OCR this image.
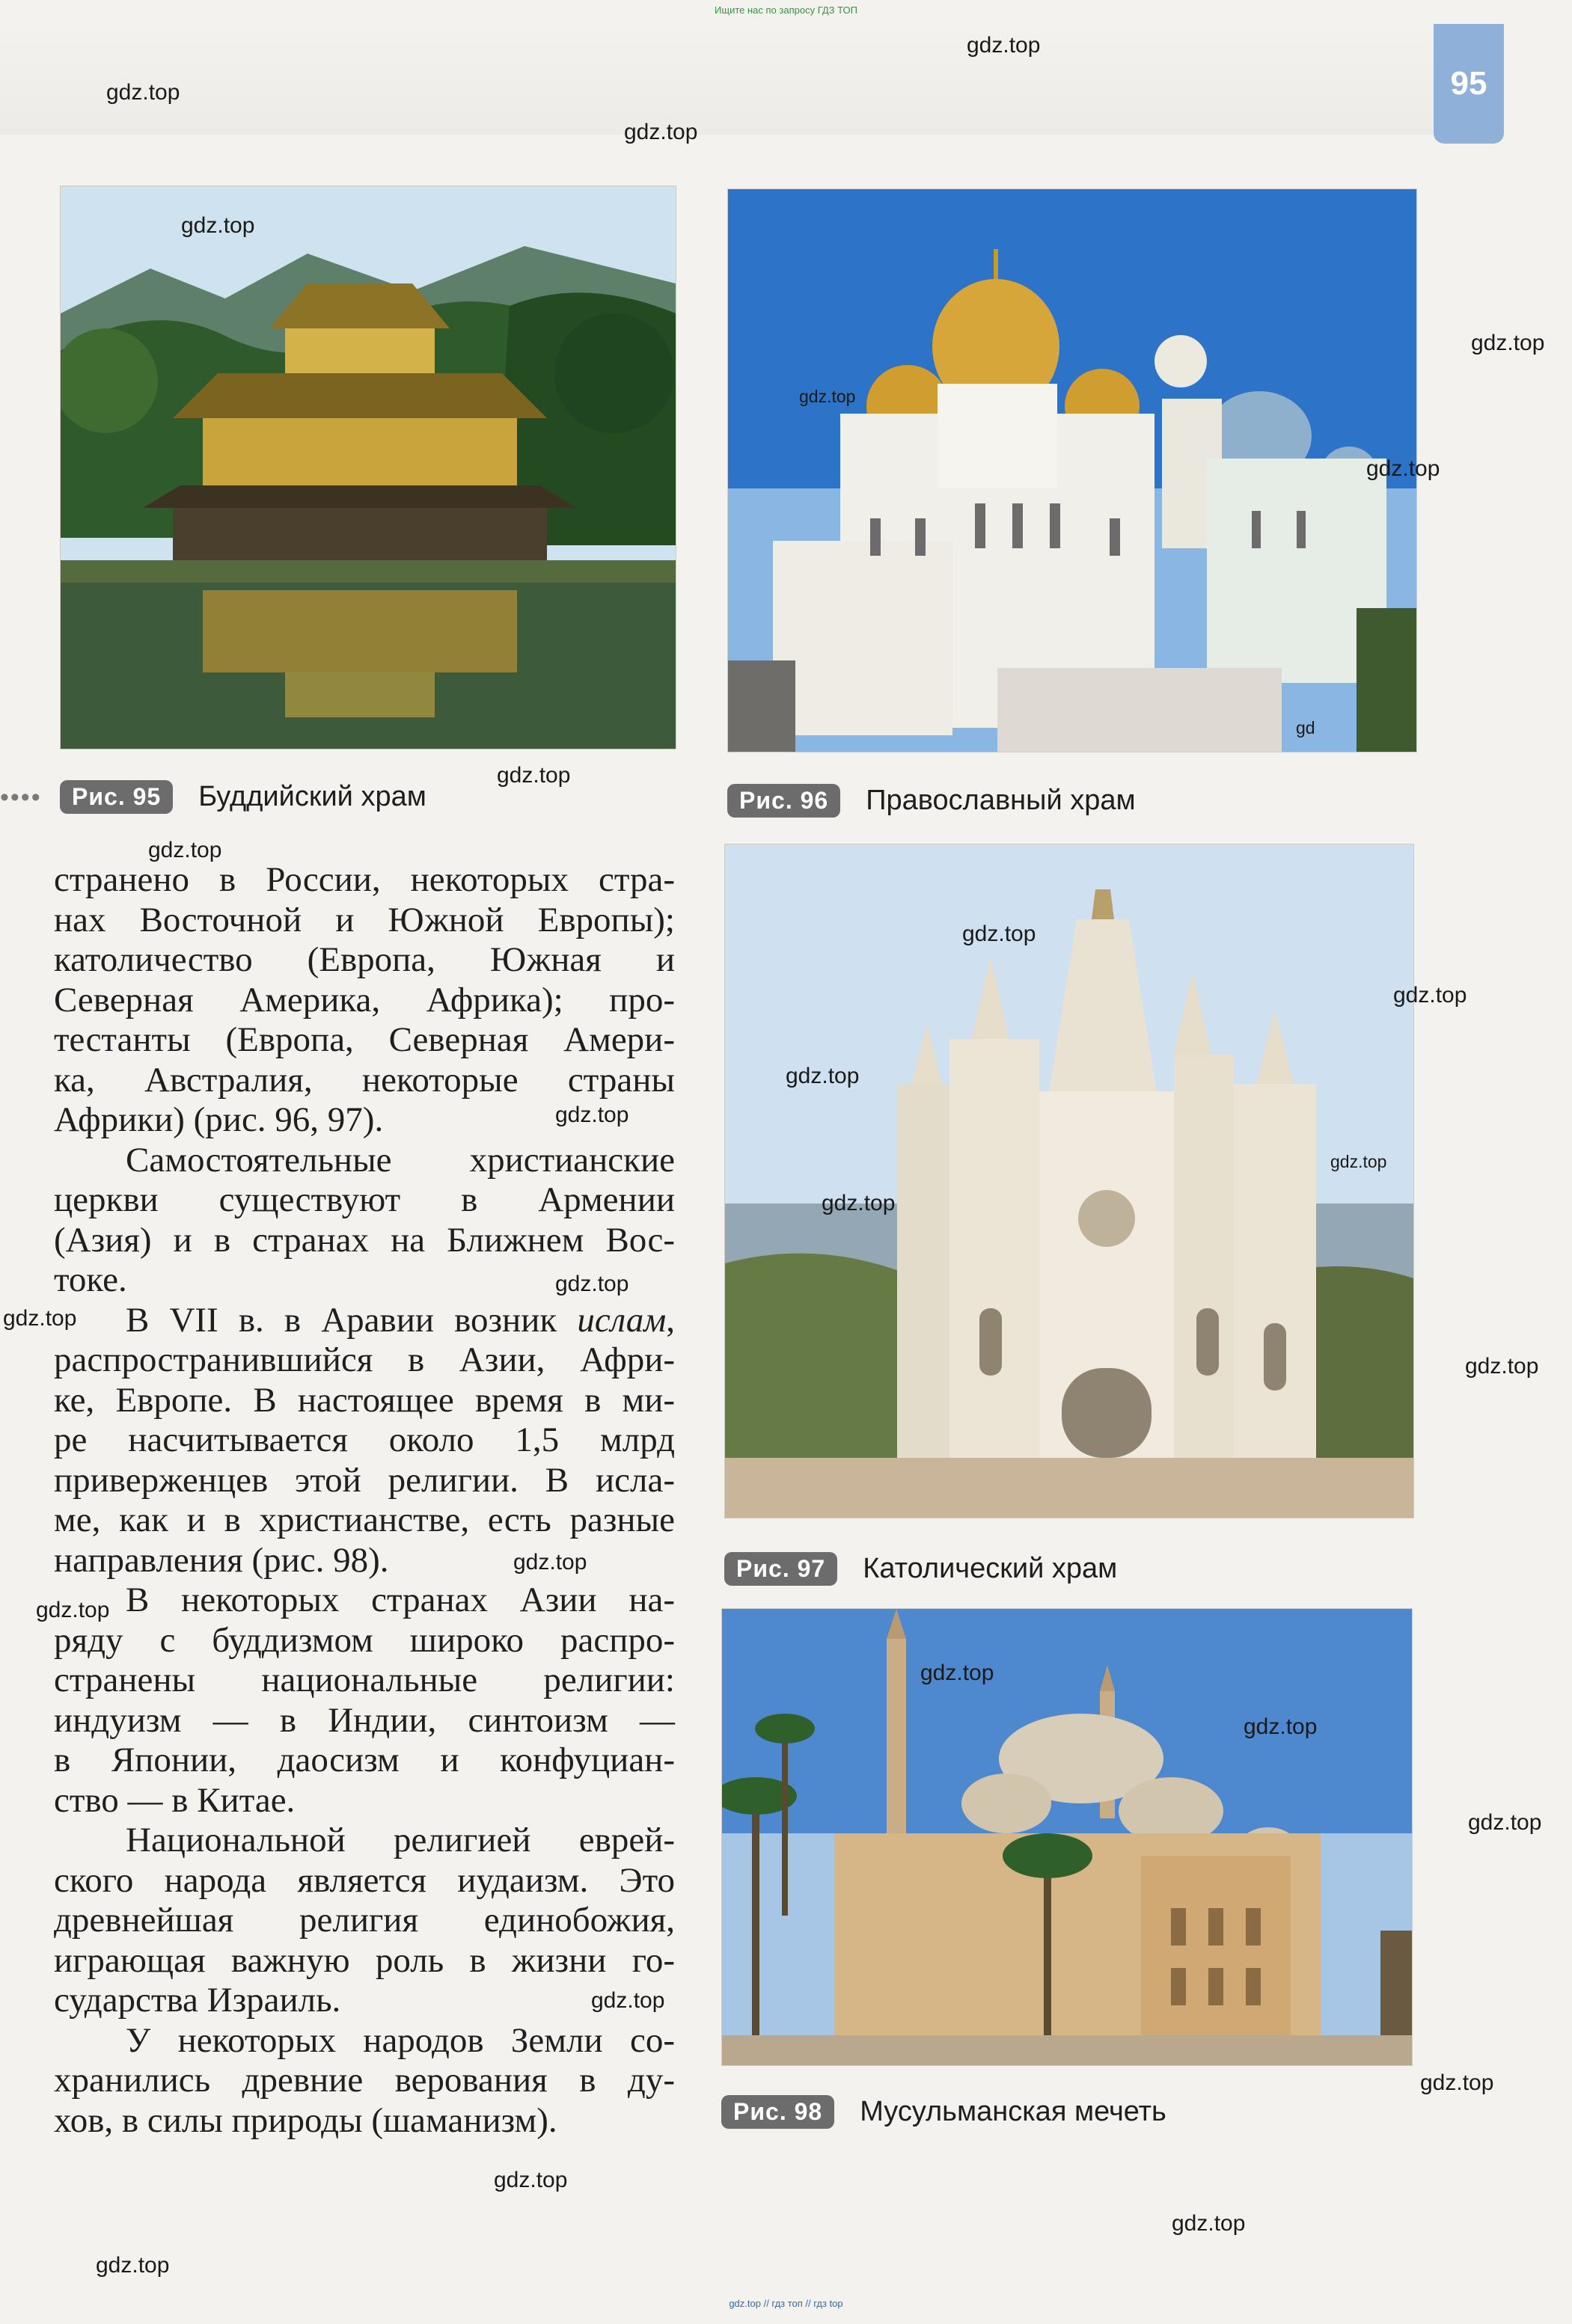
Ищите нас по запросу ГДЗ ТОП
95
••••	Рис. 95	Буддийский храм	Рис. 96	Православный храм
Рис. 97	Католический храм
Рис. 98	Мусульманская мечеть

странено в России, некоторых стра-
нах Восточной и Южной Европы);
католичество (Европа, Южная и
Северная Америка, Африка); про-
тестанты (Европа, Северная Амери-
ка, Австралия, некоторые страны
Африки) (рис. 96, 97).

Самостоятельные христианские
церкви существуют в Армении
(Азия) и в странах на Ближнем Вос-
токе.

В VII в. в Аравии возник ислам,
распространившийся в Азии, Афри-
ке, Европе. В настоящее время в ми-
ре насчитывается около 1,5 млрд
приверженцев этой религии. В исла-
ме, как и в христианстве, есть разные
направления (рис. 98).

В некоторых странах Азии на-
ряду с буддизмом широко распро-
странены национальные религии:
индуизм — в Индии, синтоизм —
в Японии, даосизм и конфуциан-
ство — в Китае.

Национальной религией еврей-
ского народа является иудаизм. Это
древнейшая религия единобожия,
играющая важную роль в жизни го-
сударства Израиль.

У некоторых народов Земли со-
хранились древние верования в ду-
хов, в силы природы (шаманизм).

gdz.top
gdz.top
gdz.top
gdz.top
gdz.top
gdz.top
gdz.top
gd
gdz.top
gdz.top
gdz.top
gdz.top
gdz.top
gdz.top
gdz.top
gdz.top
gdz.top
gdz.top
gdz.top
gdz.top
gdz.top
gdz.top
gdz.top
gdz.top
gdz.top
gdz.top
gdz.top
gdz.top
gdz.top
gdz.top // гдз топ // гдз top
